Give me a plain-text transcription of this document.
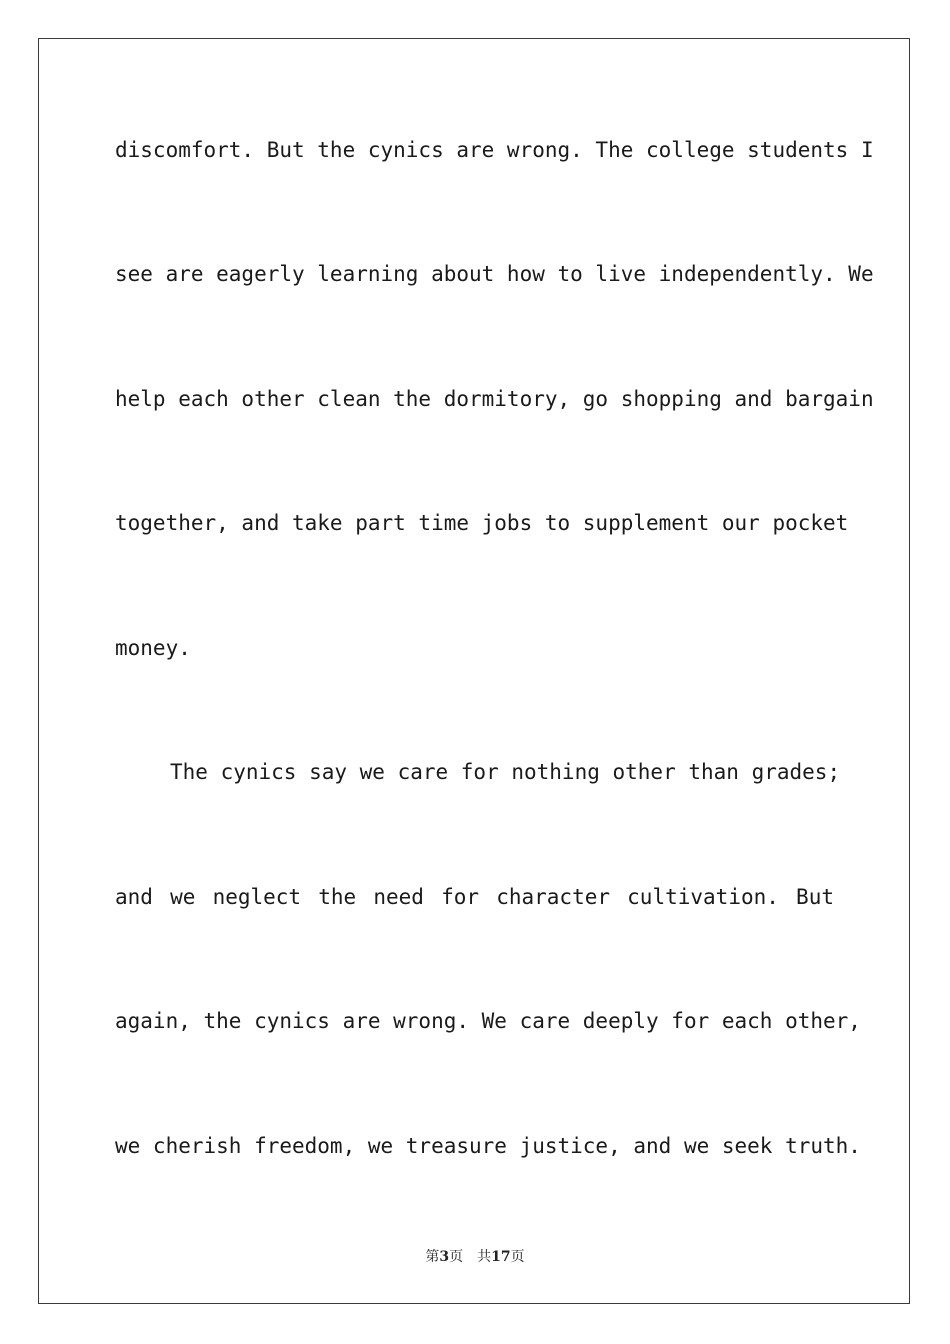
discomfort. But the cynics are wrong. The college students I
see are eagerly learning about how to live independently. We
help each other clean the dormitory, go shopping and bargain
together, and take part time jobs to supplement our pocket
money.
The cynics say we care for nothing other than grades;
and we neglect the need for character cultivation. But
again, the cynics are wrong. We care deeply for each other,
we cherish freedom, we treasure justice, and we seek truth.
第3页 共17页
